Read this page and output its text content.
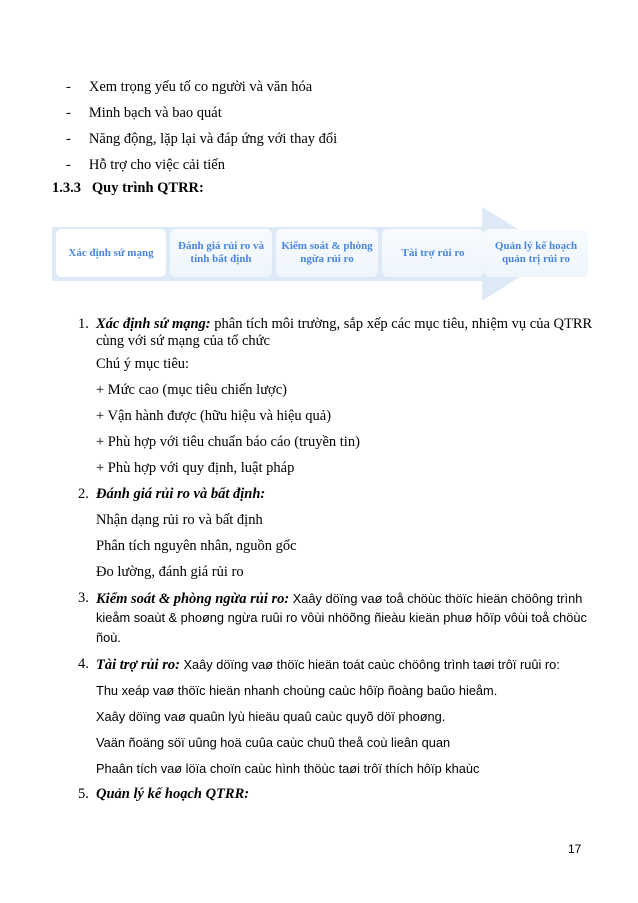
- Xem trọng yếu tố co người và văn hóa
- Minh bạch và bao quát
- Năng động, lặp lại và đáp ứng với thay đổi
- Hỗ trợ cho việc cải tiến
1.3.3 Quy trình QTRR:
Xác định sứ mạng
Đánh giá rủi ro và
tính bất định
Kiểm soát & phòng
ngừa rủi ro
Tài trợ rủi ro
Quản lý kế hoạch
quản trị rủi ro
1. Xác định sứ mạng: phân tích môi trường, sắp xếp các mục tiêu, nhiệm vụ của QTRR
cùng với sứ mạng của tổ chức
Chú ý mục tiêu:
+ Mức cao (mục tiêu chiến lược)
+ Vận hành được (hữu hiệu và hiệu quả)
+ Phù hợp với tiêu chuẩn báo cáo (truyền tin)
+ Phù hợp với quy định, luật pháp
2. Đánh giá rủi ro và bất định:
Nhận dạng rủi ro và bất định
Phân tích nguyên nhân, nguồn gốc
Đo lường, đánh giá rủi ro
3. Kiểm soát & phòng ngừa rủi ro: Xaây döïng vaø toå chöùc thöïc hieän chöông trình
kieåm soaùt & phoøng ngừa ruûi ro vôùi nhöõng ñieàu kieän phuø hôïp vôùi toå chöùc
ñoù.
4. Tài trợ rủi ro: Xaây döïng vaø thöïc hieän toát caùc chöông trình taøi trôï ruûi ro:
Thu xeáp vaø thöïc hieän nhanh choùng caùc hôïp ñoàng baûo hieåm.
Xaây döïng vaø quaûn lyù hieäu quaû caùc quyõ döï phoøng.
Vaän ñoäng söï uûng hoä cuûa caùc chuû theå coù lieân quan
Phaân tích vaø löïa choïn caùc hình thöùc taøi trôï thích hôïp khaùc
5. Quản lý kế hoạch QTRR:
17
